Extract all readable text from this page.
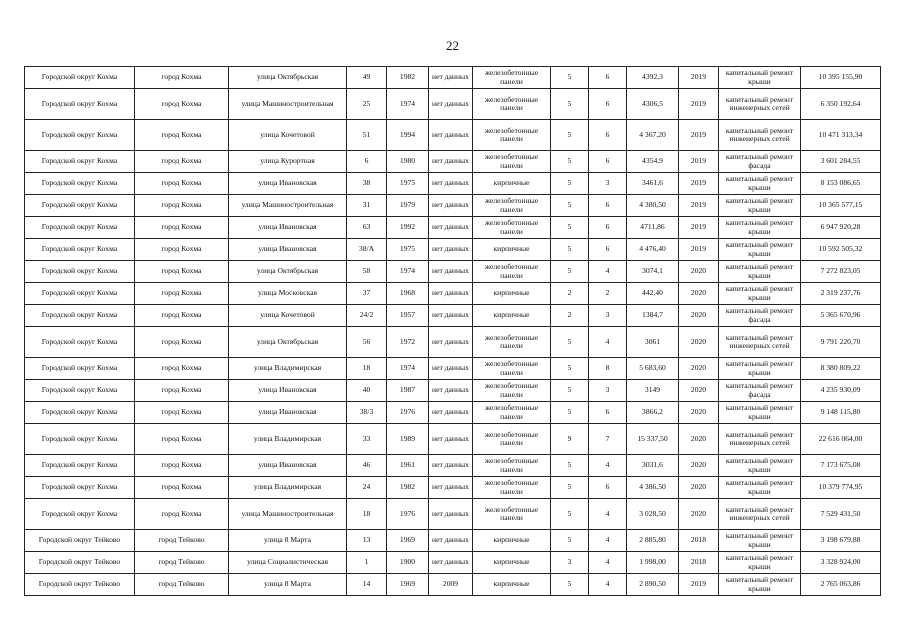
22
Городской округ Кохма	город Кохма	улица Октябрьская	49	1982	нет данных	железобетонные панели	5	6	4392,3	2019	капитальный ремонт крыши	10 395 155,90
Городской округ Кохма	город Кохма	улица Машиностроительная	25	1974	нет данных	железобетонные панели	5	6	4306,5	2019	капитальный ремонт инженерных сетей	6 350 192,64
Городской округ Кохма	город Кохма	улица Кочетовой	51	1994	нет данных	железобетонные панели	5	6	4 367,20	2019	капитальный ремонт инженерных сетей	10 471 313,34
Городской округ Кохма	город Кохма	улица Курортная	6	1980	нет данных	железобетонные панели	5	6	4354,9	2019	капитальный ремонт фасада	3 601 284,55
Городской округ Кохма	город Кохма	улица Ивановская	38	1975	нет данных	кирпичные	5	3	3461,6	2019	капитальный ремонт крыши	8 153 086,65
Городской округ Кохма	город Кохма	улица Машиностроительная	31	1979	нет данных	железобетонные панели	5	6	4 380,50	2019	капитальный ремонт крыши	10 365 577,15
Городской округ Кохма	город Кохма	улица Ивановская	63	1992	нет данных	железобетонные панели	5	6	4711,86	2019	капитальный ремонт крыши	6 947 920,28
Городской округ Кохма	город Кохма	улица Ивановская	38/А	1975	нет данных	кирпичные	5	6	4 476,40	2019	капитальный ремонт крыши	10 592 505,32
Городской округ Кохма	город Кохма	улица Октябрьская	58	1974	нет данных	железобетонные панели	5	4	3074,1	2020	капитальный ремонт крыши	7 272 823,05
Городской округ Кохма	город Кохма	улица Московская	37	1968	нет данных	кирпичные	2	2	442,40	2020	капитальный ремонт крыши	2 319 237,76
Городской округ Кохма	город Кохма	улица Кочетовой	24/2	1957	нет данных	кирпичные	2	3	1384,7	2020	капитальный ремонт фасада	5 365 670,96
Городской округ Кохма	город Кохма	улица Октябрьская	56	1972	нет данных	железобетонные панели	5	4	3061	2020	капитальный ремонт инженерных сетей	9 791 220,70
Городской округ Кохма	город Кохма	улица Владимирская	18	1974	нет данных	железобетонные панели	5	8	5 683,60	2020	капитальный ремонт крыши	8 380 809,22
Городской округ Кохма	город Кохма	улица Ивановская	40	1987	нет данных	железобетонные панели	5	3	3149	2020	капитальный ремонт фасада	4 235 930,09
Городской округ Кохма	город Кохма	улица Ивановская	38/3	1976	нет данных	железобетонные панели	5	6	3866,2	2020	капитальный ремонт крыши	9 148 115,80
Городской округ Кохма	город Кохма	улица Владимирская	33	1989	нет данных	железобетонные панели	9	7	15 337,50	2020	капитальный ремонт инженерных сетей	22 616 064,00
Городской округ Кохма	город Кохма	улица Ивановская	46	1961	нет данных	железобетонные панели	5	4	3031,6	2020	капитальный ремонт крыши	7 173 675,08
Городской округ Кохма	город Кохма	улица Владимирская	24	1982	нет данных	железобетонные панели	5	6	4 386,50	2020	капитальный ремонт крыши	10 379 774,95
Городской округ Кохма	город Кохма	улица Машиностроительная	18	1976	нет данных	железобетонные панели	5	4	3 028,50	2020	капитальный ремонт инженерных сетей	7 529 431,50
Городской округ Тейково	город Тейково	улица 8 Марта	13	1969	нет данных	кирпичные	5	4	2 885,80	2018	капитальный ремонт крыши	3 198 679,88
Городской округ Тейково	город Тейково	улица Социалистическая	1	1900	нет данных	кирпичные	3	4	1 998,00	2018	капитальный ремонт крыши	3 328 924,00
Городской округ Тейково	город Тейково	улица 8 Марта	14	1969	2009	кирпичные	5	4	2 890,50	2019	капитальный ремонт крыши	2 765 063,86
